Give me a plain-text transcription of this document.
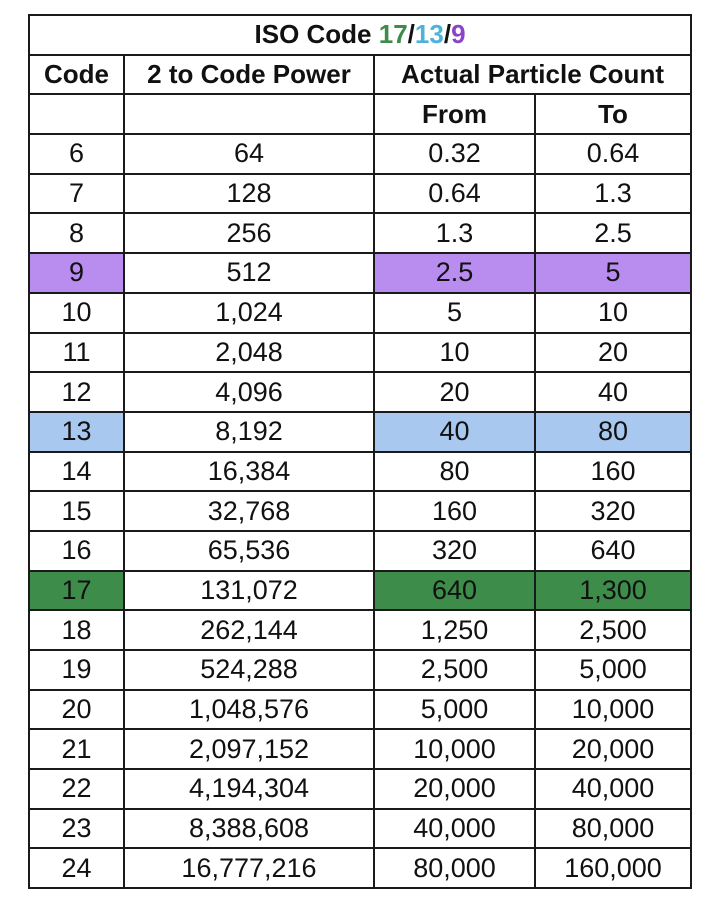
ISO Code 17/13/9			
Code	2 to Code Power	Actual Particle Count	
		From	To
6	64	0.32	0.64
7	128	0.64	1.3
8	256	1.3	2.5
9	512	2.5	5
10	1,024	5	10
11	2,048	10	20
12	4,096	20	40
13	8,192	40	80
14	16,384	80	160
15	32,768	160	320
16	65,536	320	640
17	131,072	640	1,300
18	262,144	1,250	2,500
19	524,288	2,500	5,000
20	1,048,576	5,000	10,000
21	2,097,152	10,000	20,000
22	4,194,304	20,000	40,000
23	8,388,608	40,000	80,000
24	16,777,216	80,000	160,000
